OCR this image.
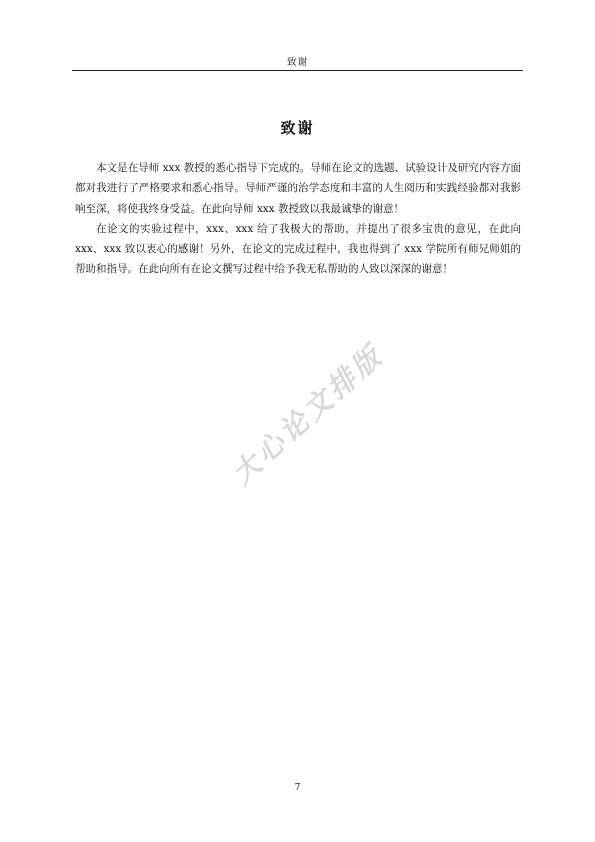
致谢
致谢

本文是在导师 xxx 教授的悉心指导下完成的。导师在论文的选题、试验设计及研究内容方面都对我进行了严格要求和悉心指导。导师严谨的治学态度和丰富的人生阅历和实践经验都对我影响至深，将使我终身受益。在此向导师 xxx 教授致以我最诚挚的谢意！

在论文的实验过程中，xxx、xxx 给了我极大的帮助，并提出了很多宝贵的意见，在此向 xxx、xxx 致以衷心的感谢！另外，在论文的完成过程中，我也得到了 xxx 学院所有师兄师姐的帮助和指导。在此向所有在论文撰写过程中给予我无私帮助的人致以深深的谢意！

大心论文排版
7
